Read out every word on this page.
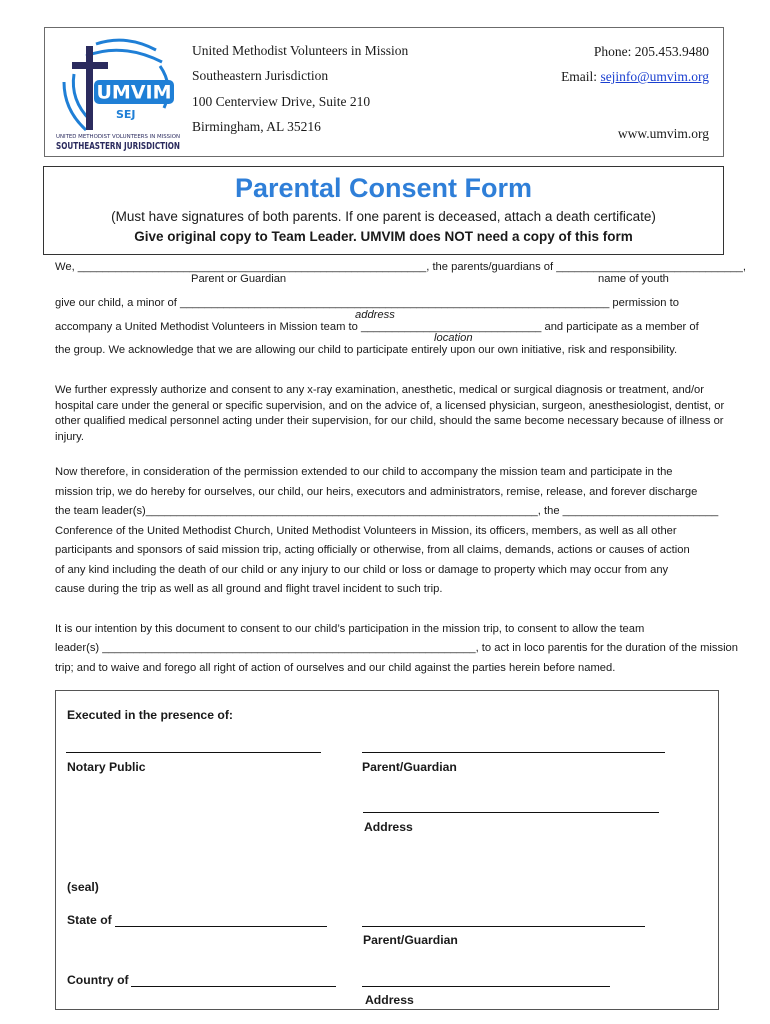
UMVIM
SEJ
UNITED METHODIST VOLUNTEERS IN MISSION
SOUTHEASTERN JURISDICTION
United Methodist Volunteers in Mission
Southeastern Jurisdiction
100 Centerview Drive, Suite 210
Birmingham, AL 35216
Phone: 205.453.9480
Email: sejinfo@umvim.org
www.umvim.org
Parental Consent Form
(Must have signatures of both parents. If one parent is deceased, attach a death certificate)
Give original copy to Team Leader. UMVIM does NOT need a copy of this form
We, ________________________________________________________, the parents/guardians of ______________________________,
Parent or Guardian	name of youth
give our child, a minor of _____________________________________________________________________ permission to
address
accompany a United Methodist Volunteers in Mission team to _____________________________ and participate as a member of
location
the group. We acknowledge that we are allowing our child to participate entirely upon our own initiative, risk and responsibility.
We further expressly authorize and consent to any x-ray examination, anesthetic, medical or surgical diagnosis or treatment, and/or hospital care under the general or specific supervision, and on the advice of, a licensed physician, surgeon, anesthesiologist, dentist, or other qualified medical personnel acting under their supervision, for our child, should the same become necessary because of illness or injury.
Now therefore, in consideration of the permission extended to our child to accompany the mission team and participate in the
mission trip, we do hereby for ourselves, our child, our heirs, executors and administrators, remise, release, and forever discharge
the team leader(s)_______________________________________________________________, the _________________________
Conference of the United Methodist Church, United Methodist Volunteers in Mission, its officers, members, as well as all other
participants and sponsors of said mission trip, acting officially or otherwise, from all claims, demands, actions or causes of action
of any kind including the death of our child or any injury to our child or loss or damage to property which may occur from any
cause during the trip as well as all ground and flight travel incident to such trip.
It is our intention by this document to consent to our child’s participation in the mission trip, to consent to allow the team
leader(s) ____________________________________________________________, to act in loco parentis for the duration of the mission
trip; and to waive and forego all right of action of ourselves and our child against the parties herein before named.
Executed in the presence of:
Notary Public	Parent/Guardian
Address
(seal)
State of
Parent/Guardian
Country of
Address
